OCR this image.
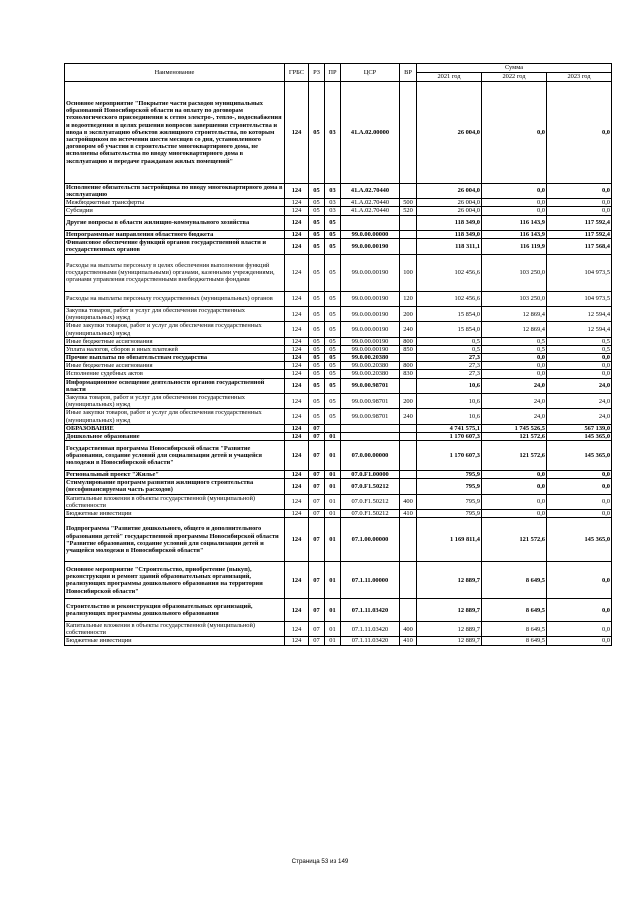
Наименование	ГРБС	РЗ	ПР	ЦСР	ВР	Сумма		
						2021 год	2022 год	2023 год
Основное мероприятие "Покрытие части расходов муниципальных образований Новосибирской области на оплату по договорам технологического присоединения к сетям электро-, тепло-, водоснабжения и водоотведения в целях решения вопросов завершения строительства и ввода в эксплуатацию объектов жилищного строительства, по которым застройщиком по истечении шести месяцев со дня, установленного договором об участии в строительстве многоквартирного дома, не исполнены обязательства по вводу многоквартирного дома в эксплуатацию и передаче гражданам жилых помещений"	124	05	03	41.А.02.00000		26 004,0	0,0	0,0
Исполнение обязательств застройщика по вводу многоквартирного дома в эксплуатацию	124	05	03	41.А.02.70440		26 004,0	0,0	0,0
Межбюджетные трансферты	124	05	03	41.А.02.70440	500	26 004,0	0,0	0,0
Субсидии	124	05	03	41.А.02.70440	520	26 004,0	0,0	0,0
Другие вопросы в области жилищно-коммунального хозяйства	124	05	05			118 349,0	116 143,9	117 592,4
Непрограммные направления областного бюджета	124	05	05	99.0.00.00000		118 349,0	116 143,9	117 592,4
Финансовое обеспечение функций органов государственной власти и государственных органов	124	05	05	99.0.00.00190		118 311,1	116 119,9	117 568,4
Расходы на выплаты персоналу в целях обеспечения выполнения функций государственными (муниципальными) органами, казенными учреждениями, органами управления государственными внебюджетными фондами	124	05	05	99.0.00.00190	100	102 456,6	103 250,0	104 973,5
Расходы на выплаты персоналу государственных (муниципальных) органов	124	05	05	99.0.00.00190	120	102 456,6	103 250,0	104 973,5
Закупка товаров, работ и услуг для обеспечения государственных (муниципальных) нужд	124	05	05	99.0.00.00190	200	15 854,0	12 869,4	12 594,4
Иные закупки товаров, работ и услуг для обеспечения государственных (муниципальных) нужд	124	05	05	99.0.00.00190	240	15 854,0	12 869,4	12 594,4
Иные бюджетные ассигнования	124	05	05	99.0.00.00190	800	0,5	0,5	0,5
Уплата налогов, сборов и иных платежей	124	05	05	99.0.00.00190	850	0,5	0,5	0,5
Прочие выплаты по обязательствам государства	124	05	05	99.0.00.20380		27,3	0,0	0,0
Иные бюджетные ассигнования	124	05	05	99.0.00.20380	800	27,3	0,0	0,0
Исполнение судебных актов	124	05	05	99.0.00.20380	830	27,3	0,0	0,0
Информационное освещение деятельности органов государственной власти	124	05	05	99.0.00.98701		10,6	24,0	24,0
Закупка товаров, работ и услуг для обеспечения государственных (муниципальных) нужд	124	05	05	99.0.00.98701	200	10,6	24,0	24,0
Иные закупки товаров, работ и услуг для обеспечения государственных (муниципальных) нужд	124	05	05	99.0.00.98701	240	10,6	24,0	24,0
ОБРАЗОВАНИЕ	124	07				4 741 575,1	1 745 526,5	567 139,0
Дошкольное образование	124	07	01			1 170 607,3	121 572,6	145 365,0
Государственная программа Новосибирской области "Развитие образования, создание условий для социализации детей и учащейся молодежи в Новосибирской области"	124	07	01	07.0.00.00000		1 170 607,3	121 572,6	145 365,0
Региональный проект "Жилье"	124	07	01	07.0.F1.00000		795,9	0,0	0,0
Стимулирование программ развития жилищного строительства (несофинансируемая часть расходов)	124	07	01	07.0.F1.50212		795,9	0,0	0,0
Капитальные вложения в объекты государственной (муниципальной) собственности	124	07	01	07.0.F1.50212	400	795,9	0,0	0,0
Бюджетные инвестиции	124	07	01	07.0.F1.50212	410	795,9	0,0	0,0
Подпрограмма "Развитие дошкольного, общего и дополнительного образования детей" государственной программы Новосибирской области "Развитие образования, создание условий для социализации детей и учащейся молодежи в Новосибирской области"	124	07	01	07.1.00.00000		1 169 811,4	121 572,6	145 365,0
Основное мероприятие "Строительство, приобретение (выкуп), реконструкция и ремонт зданий образовательных организаций, реализующих программы дошкольного образования на территории Новосибирской области"	124	07	01	07.1.11.00000		12 889,7	8 649,5	0,0
Строительство и реконструкция образовательных организаций, реализующих программы дошкольного образования	124	07	01	07.1.11.03420		12 889,7	8 649,5	0,0
Капитальные вложения в объекты государственной (муниципальной) собственности	124	07	01	07.1.11.03420	400	12 889,7	8 649,5	0,0
Бюджетные инвестиции	124	07	01	07.1.11.03420	410	12 889,7	8 649,5	0,0
Страница 53 из 149
